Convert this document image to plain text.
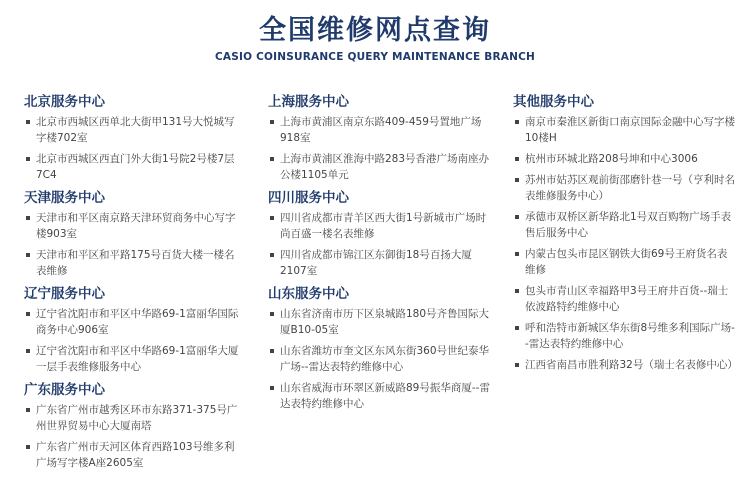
全国维修网点查询
CASIO COINSURANCE QUERY MAINTENANCE BRANCH
北京服务中心
北京市西城区西单北大街甲131号大悦城写字楼702室
北京市西城区西直门外大街1号院2号楼7层7C4
天津服务中心
天津市和平区南京路天津环贸商务中心写字楼903室
天津市和平区和平路175号百货大楼一楼名表维修
辽宁服务中心
辽宁省沈阳市和平区中华路69-1富丽华国际商务中心906室
辽宁省沈阳市和平区中华路69-1富丽华大厦一层手表维修服务中心
广东服务中心
广东省广州市越秀区环市东路371-375号广州世界贸易中心大厦南塔
广东省广州市天河区体育西路103号维多利广场写字楼A座2605室
上海服务中心
上海市黄浦区南京东路409-459号置地广场918室
上海市黄浦区淮海中路283号香港广场南座办公楼1105单元
四川服务中心
四川省成都市青羊区西大街1号新城市广场时尚百盛一楼名表维修
四川省成都市锦江区东御街18号百扬大厦2107室
山东服务中心
山东省济南市历下区泉城路180号齐鲁国际大厦B10-05室
山东省潍坊市奎文区东风东街360号世纪泰华广场--雷达表特约维修中心
山东省威海市环翠区新威路89号振华商厦--雷达表特约维修中心
其他服务中心
南京市秦淮区新街口南京国际金融中心写字楼10楼H
杭州市环城北路208号坤和中心3006
苏州市姑苏区观前街邵磨针巷一号（亨利时名表维修服务中心）
承德市双桥区新华路北1号双百购物广场手表售后服务中心
内蒙古包头市昆区钢铁大街69号王府货名表维修
包头市青山区幸福路甲3号王府井百货--瑞士依波路特约维修中心
呼和浩特市新城区华东街8号维多利国际广场--雷达表特约维修中心
江西省南昌市胜利路32号（瑞士名表修中心）
